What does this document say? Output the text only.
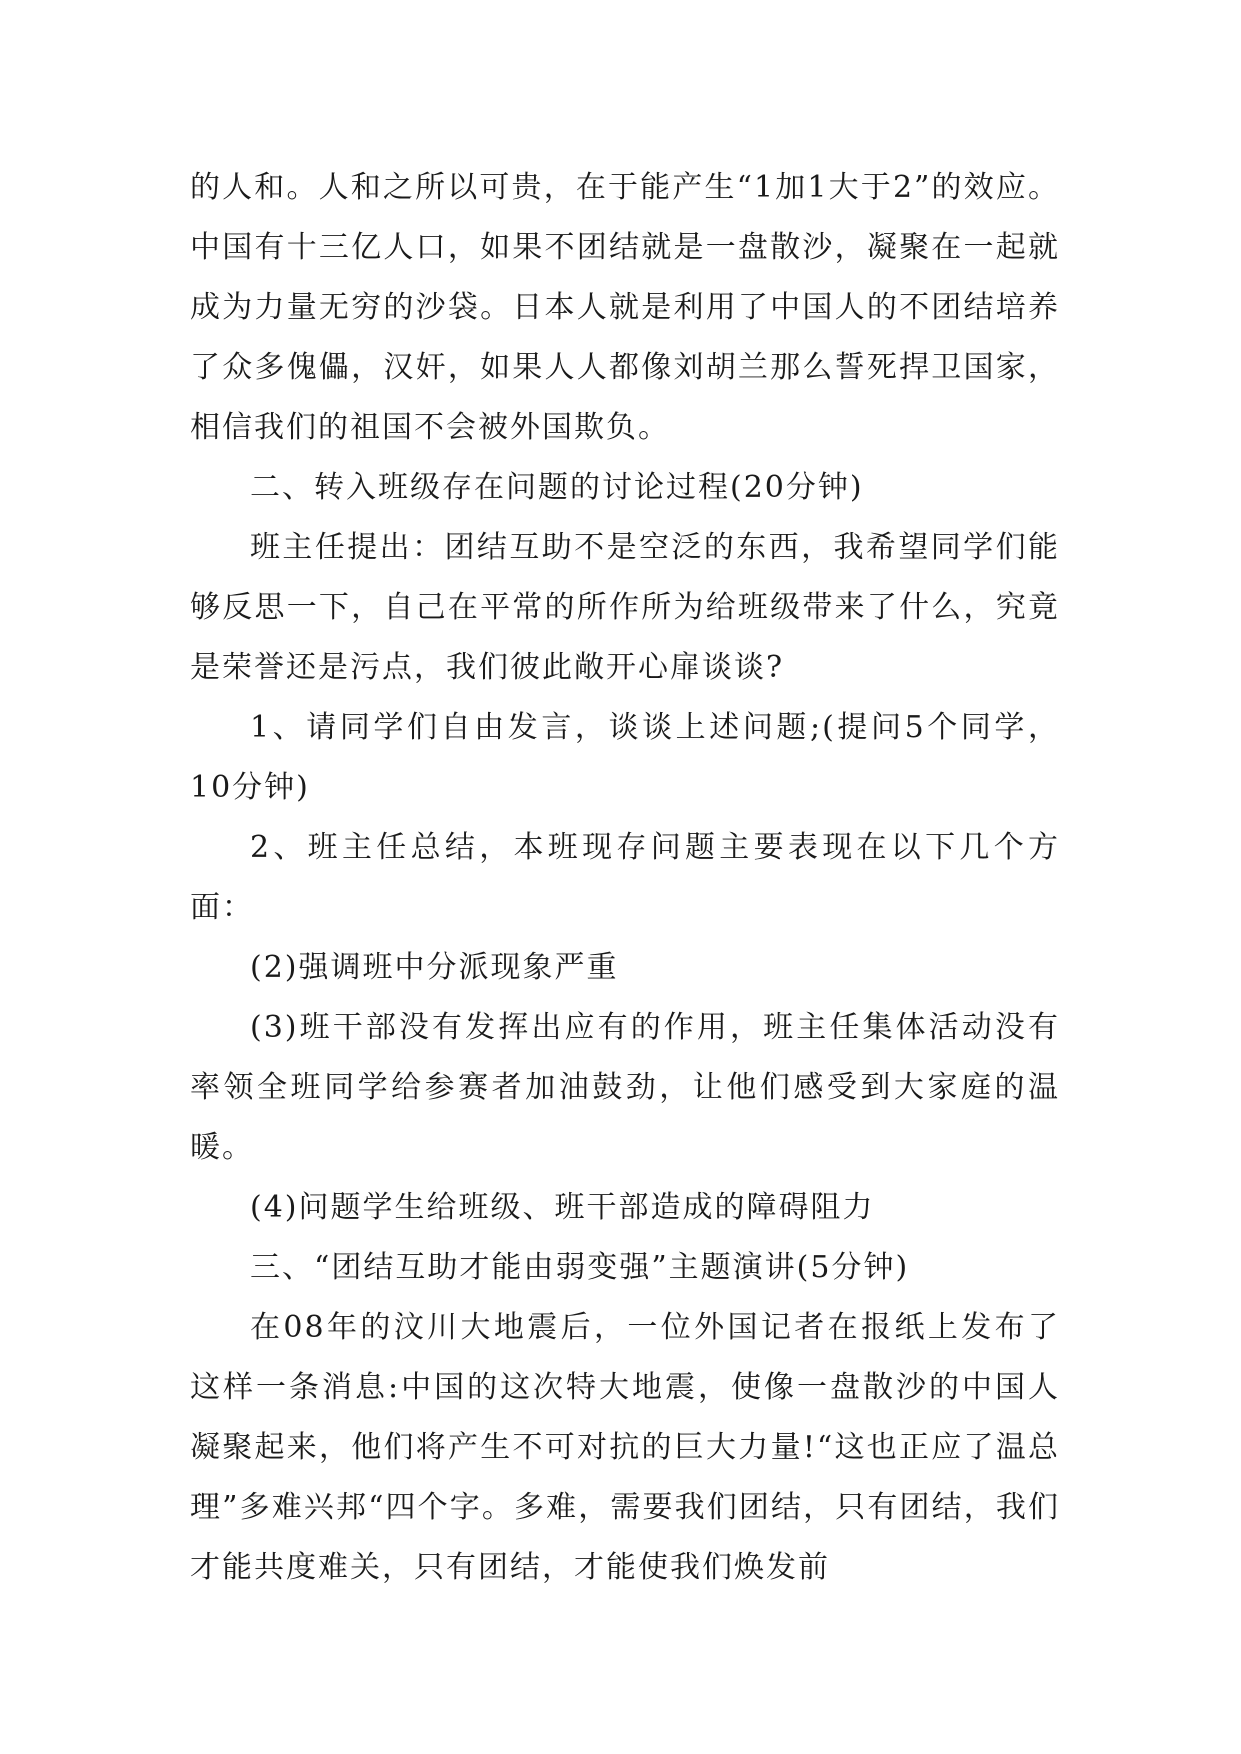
的人和。人和之所以可贵，在于能产生“1加1大于2”的效应。中国有十三亿人口，如果不团结就是一盘散沙，凝聚在一起就成为力量无穷的沙袋。日本人就是利用了中国人的不团结培养了众多傀儡，汉奸，如果人人都像刘胡兰那么誓死捍卫国家，相信我们的祖国不会被外国欺负。

二、转入班级存在问题的讨论过程(20分钟)

班主任提出：团结互助不是空泛的东西，我希望同学们能够反思一下，自己在平常的所作所为给班级带来了什么，究竟是荣誉还是污点，我们彼此敞开心扉谈谈?

1、请同学们自由发言，谈谈上述问题;(提问5个同学，10分钟)

2、班主任总结，本班现存问题主要表现在以下几个方面：

(2)强调班中分派现象严重

(3)班干部没有发挥出应有的作用，班主任集体活动没有率领全班同学给参赛者加油鼓劲，让他们感受到大家庭的温暖。

(4)问题学生给班级、班干部造成的障碍阻力

三、“团结互助才能由弱变强”主题演讲(5分钟)

在08年的汶川大地震后，一位外国记者在报纸上发布了这样一条消息:中国的这次特大地震，使像一盘散沙的中国人凝聚起来，他们将产生不可对抗的巨大力量!“这也正应了温总理”多难兴邦“四个字。多难，需要我们团结，只有团结，我们才能共度难关，只有团结，才能使我们焕发前
